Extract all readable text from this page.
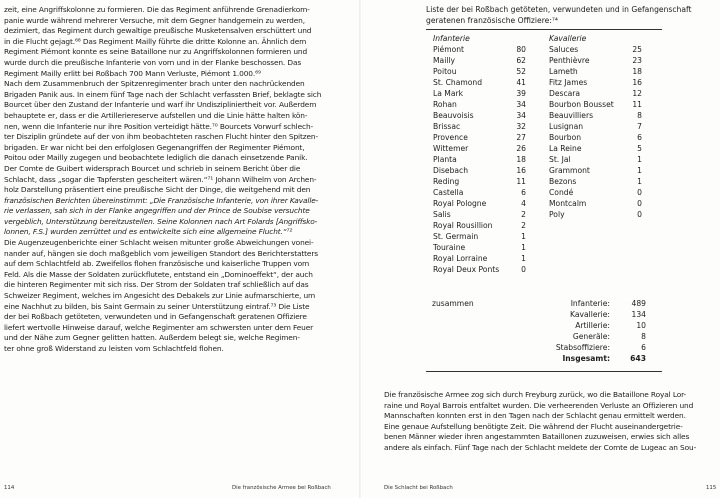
zeit, eine Angriffskolonne zu formieren. Die das Regiment anführende Grenadierkom-

panie wurde während mehrerer Versuche, mit dem Gegner handgemein zu werden,

dezimiert, das Regiment durch gewaltige preußische Musketensalven erschüttert und

in die Flucht gejagt.⁶⁸ Das Regiment Mailly führte die dritte Kolonne an. Ähnlich dem

Regiment Piémont konnte es seine Bataillone nur zu Angriffskolonnen formieren und

wurde durch die preußische Infanterie von vorn und in der Flanke beschossen. Das

Regiment Mailly erlitt bei Roßbach 700 Mann Verluste, Piémont 1.000.⁶⁹

Nach dem Zusammenbruch der Spitzenregimenter brach unter den nachrückenden

Brigaden Panik aus. In einem fünf Tage nach der Schlacht verfassten Brief, beklagte sich

Bourcet über den Zustand der Infanterie und warf ihr Undiszipliniertheit vor. Außerdem

behauptete er, dass er die Artilleriereserve aufstellen und die Linie hätte halten kön-

nen, wenn die Infanterie nur ihre Position verteidigt hätte.⁷⁰ Bourcets Vorwurf schlech-

ter Disziplin gründete auf der von ihm beobachteten raschen Flucht hinter den Spitzen-

brigaden. Er war nicht bei den erfolglosen Gegenangriffen der Regimenter Piémont,

Poitou oder Mailly zugegen und beobachtete lediglich die danach einsetzende Panik.

Der Comte de Guibert widersprach Bourcet und schrieb in seinem Bericht über die

Schlacht, dass „sogar die Tapfersten gescheitert wären.“⁷¹ Johann Wilhelm von Archen-

holz Darstellung präsentiert eine preußische Sicht der Dinge, die weitgehend mit den

französischen Berichten übereinstimmt: „Die Französische Infanterie, von ihrer Kavalle-

rie verlassen, sah sich in der Flanke angegriffen und der Prince de Soubise versuchte

vergeblich, Unterstützung bereitzustellen. Seine Kolonnen nach Art Folards [Angriffsko-

lonnen, F.S.] wurden zerrüttet und es entwickelte sich eine allgemeine Flucht.“⁷²

Die Augenzeugenberichte einer Schlacht weisen mitunter große Abweichungen vonei-

nander auf, hängen sie doch maßgeblich vom jeweiligen Standort des Berichterstatters

auf dem Schlachtfeld ab. Zweifellos flohen französische und kaiserliche Truppen vom

Feld. Als die Masse der Soldaten zurückflutete, entstand ein „Dominoeffekt“, der auch

die hinteren Regimenter mit sich riss. Der Strom der Soldaten traf schließlich auf das

Schweizer Regiment, welches im Angesicht des Debakels zur Linie aufmarschierte, um

eine Nachhut zu bilden, bis Saint Germain zu seiner Unterstützung eintraf.⁷³ Die Liste

der bei Roßbach getöteten, verwundeten und in Gefangenschaft geratenen Offiziere

liefert wertvolle Hinweise darauf, welche Regimenter am schwersten unter dem Feuer

und der Nähe zum Gegner gelitten hatten. Außerdem belegt sie, welche Regimen-

ter ohne groß Widerstand zu leisten vom Schlachtfeld flohen.

114	Die französische Armee bei Roßbach
Liste der bei Roßbach getöteten, verwundeten und in Gefangenschaft
geratenen französische Offiziere:⁷⁴
Infanterie
Piémont	80
Mailly	62
Poitou	52
St. Chamond	41
La Mark	39
Rohan	34
Beauvoisis	34
Brissac	32
Provence	27
Wittemer	26
Planta	18
Disebach	16
Reding	11
Castella	6
Royal Pologne	4
Salis	2
Royal Rousillion	2
St. Germain	1
Touraine	1
Royal Lorraine	1
Royal Deux Ponts	0
Kavallerie
Saluces	25
Penthièvre	23
Lameth	18
Fitz James	16
Descara	12
Bourbon Bousset 11
Beauvilliers	8
Lusignan	7
Bourbon	6
La Reine	5
St. Jal	1
Grammont	1
Bezons	1
Condé	0
Montcalm	0
Poly	0
zusammen	Infanterie:	489
Kavallerie:	134
Artillerie:	10
Generäle:	8
Stabsoffiziere:	6
Insgesamt:	643

Die französische Armee zog sich durch Freyburg zurück, wo die Bataillone Royal Lor-

raine und Royal Barrois entfaltet wurden. Die verheerenden Verluste an Offizieren und

Mannschaften konnten erst in den Tagen nach der Schlacht genau ermittelt werden.

Eine genaue Aufstellung benötigte Zeit. Die während der Flucht auseinandergetrie-

benen Männer wieder ihren angestammten Bataillonen zuzuweisen, erwies sich alles

andere als einfach. Fünf Tage nach der Schlacht meldete der Comte de Lugeac an Sou-

Die Schlacht bei Roßbach	115
